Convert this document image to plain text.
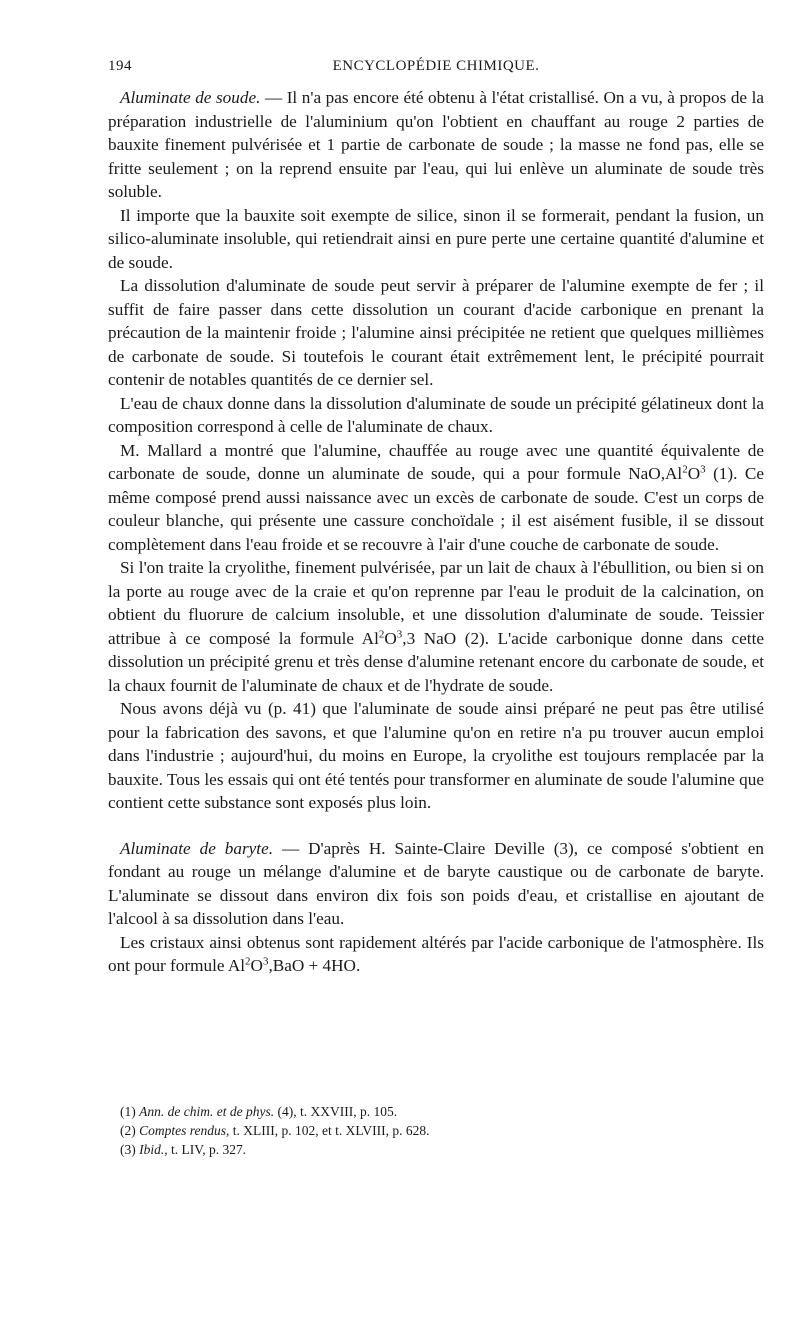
194	ENCYCLOPÉDIE CHIMIQUE.

Aluminate de soude. — Il n'a pas encore été obtenu à l'état cristallisé. On a vu, à propos de la préparation industrielle de l'aluminium qu'on l'obtient en chauffant au rouge 2 parties de bauxite finement pulvérisée et 1 partie de carbonate de soude ; la masse ne fond pas, elle se fritte seulement ; on la reprend ensuite par l'eau, qui lui enlève un aluminate de soude très soluble.

Il importe que la bauxite soit exempte de silice, sinon il se formerait, pendant la fusion, un silico-aluminate insoluble, qui retiendrait ainsi en pure perte une certaine quantité d'alumine et de soude.

La dissolution d'aluminate de soude peut servir à préparer de l'alumine exempte de fer ; il suffit de faire passer dans cette dissolution un courant d'acide carbonique en prenant la précaution de la maintenir froide ; l'alumine ainsi précipitée ne retient que quelques millièmes de carbonate de soude. Si toutefois le courant était extrêmement lent, le précipité pourrait contenir de notables quantités de ce dernier sel.

L'eau de chaux donne dans la dissolution d'aluminate de soude un précipité gélatineux dont la composition correspond à celle de l'aluminate de chaux.

M. Mallard a montré que l'alumine, chauffée au rouge avec une quantité équivalente de carbonate de soude, donne un aluminate de soude, qui a pour formule $NaO,Al^2O^3$ (1). Ce même composé prend aussi naissance avec un excès de carbonate de soude. C'est un corps de couleur blanche, qui présente une cassure conchoïdale ; il est aisément fusible, il se dissout complètement dans l'eau froide et se recouvre à l'air d'une couche de carbonate de soude.

Si l'on traite la cryolithe, finement pulvérisée, par un lait de chaux à l'ébullition, ou bien si on la porte au rouge avec de la craie et qu'on reprenne par l'eau le produit de la calcination, on obtient du fluorure de calcium insoluble, et une dissolution d'aluminate de soude. Teissier attribue à ce composé la formule $Al^2O^3,3$ NaO (2). L'acide carbonique donne dans cette dissolution un précipité grenu et très dense d'alumine retenant encore du carbonate de soude, et la chaux fournit de l'aluminate de chaux et de l'hydrate de soude.

Nous avons déjà vu (p. 41) que l'aluminate de soude ainsi préparé ne peut pas être utilisé pour la fabrication des savons, et que l'alumine qu'on en retire n'a pu trouver aucun emploi dans l'industrie ; aujourd'hui, du moins en Europe, la cryolithe est toujours remplacée par la bauxite. Tous les essais qui ont été tentés pour transformer en aluminate de soude l'alumine que contient cette substance sont exposés plus loin.

Aluminate de baryte. — D'après H. Sainte-Claire Deville (3), ce composé s'obtient en fondant au rouge un mélange d'alumine et de baryte caustique ou de carbonate de baryte. L'aluminate se dissout dans environ dix fois son poids d'eau, et cristallise en ajoutant de l'alcool à sa dissolution dans l'eau.

Les cristaux ainsi obtenus sont rapidement altérés par l'acide carbonique de l'atmosphère. Ils ont pour formule $Al^2O^3,BaO + 4HO$.

(1) Ann. de chim. et de phys. (4), t. XXVIII, p. 105.
(2) Comptes rendus, t. XLIII, p. 102, et t. XLVIII, p. 628.
(3) Ibid., t. LIV, p. 327.
